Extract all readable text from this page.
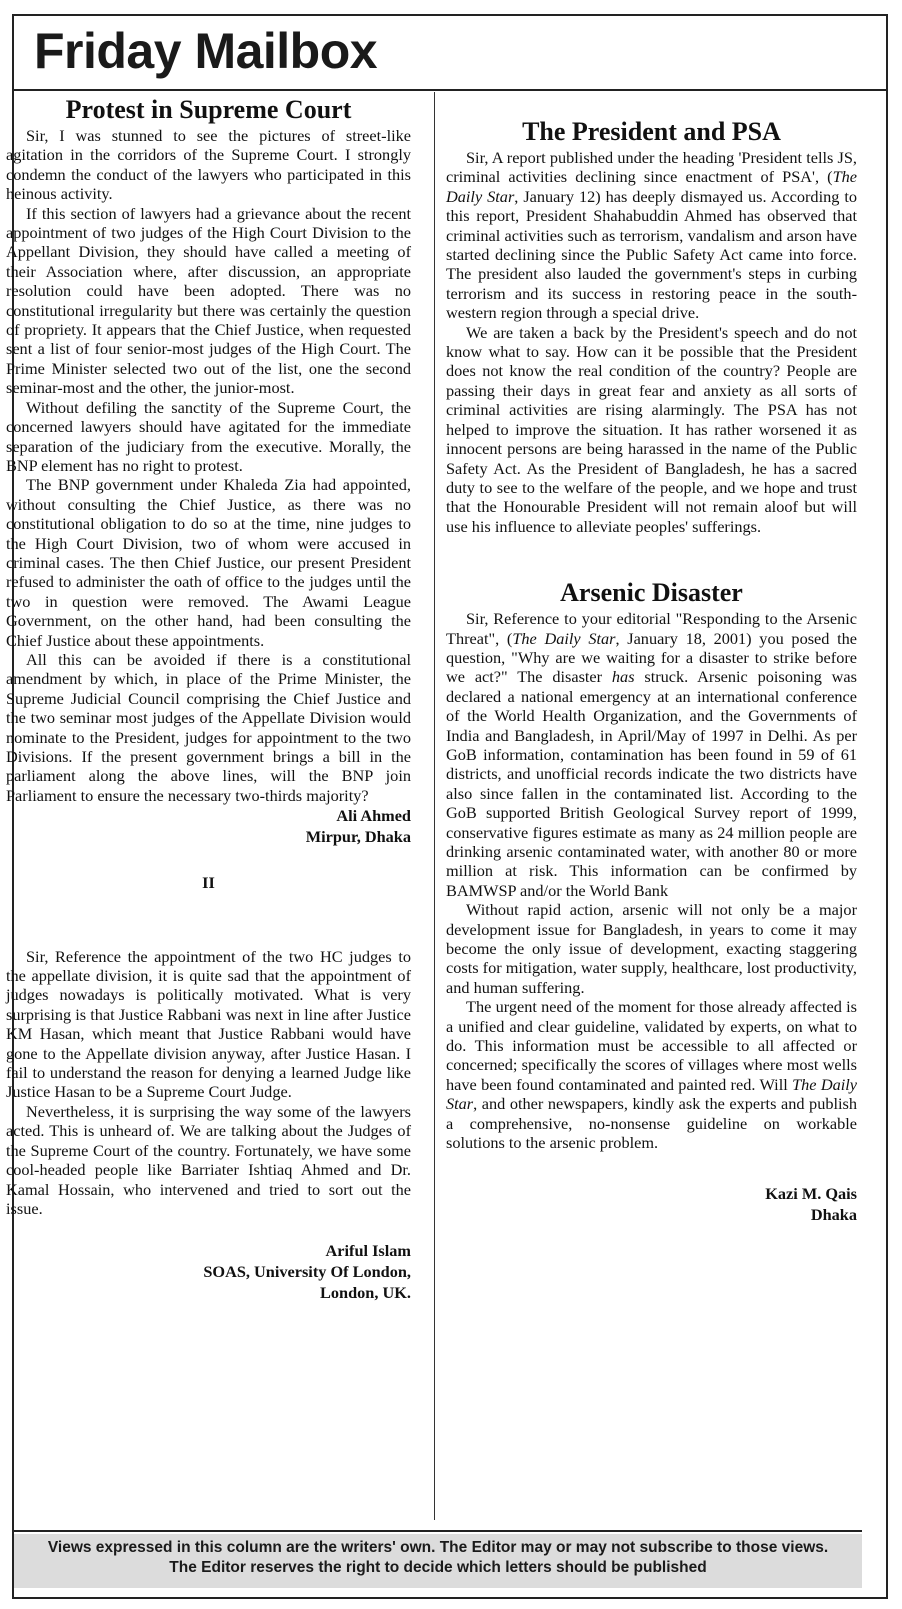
Friday Mailbox
Protest in Supreme Court

Sir, I was stunned to see the pictures of street-like agitation in the corridors of the Supreme Court. I strongly condemn the conduct of the lawyers who participated in this heinous activity.

If this section of lawyers had a grievance about the recent appointment of two judges of the High Court Division to the Appellant Division, they should have called a meeting of their Association where, after discussion, an appropriate resolution could have been adopted. There was no constitutional irregularity but there was certainly the question of propriety. It appears that the Chief Justice, when requested sent a list of four senior-most judges of the High Court. The Prime Minister selected two out of the list, one the second seminar-most and the other, the junior-most.

Without defiling the sanctity of the Supreme Court, the concerned lawyers should have agitated for the immediate separation of the judiciary from the executive. Morally, the BNP element has no right to protest.

The BNP government under Khaleda Zia had appointed, without consulting the Chief Justice, as there was no constitutional obligation to do so at the time, nine judges to the High Court Division, two of whom were accused in criminal cases. The then Chief Justice, our present President refused to administer the oath of office to the judges until the two in question were removed. The Awami League Government, on the other hand, had been consulting the Chief Justice about these appointments.

All this can be avoided if there is a constitutional amendment by which, in place of the Prime Minister, the Supreme Judicial Council comprising the Chief Justice and the two seminar most judges of the Appellate Division would nominate to the President, judges for appointment to the two Divisions. If the present government brings a bill in the parliament along the above lines, will the BNP join Parliament to ensure the necessary two-thirds majority?

Ali Ahmed
Mirpur, Dhaka
II

Sir, Reference the appointment of the two HC judges to the appellate division, it is quite sad that the appointment of judges nowadays is politically motivated. What is very surprising is that Justice Rabbani was next in line after Justice KM Hasan, which meant that Justice Rabbani would have gone to the Appellate division anyway, after Justice Hasan. I fail to understand the reason for denying a learned Judge like Justice Hasan to be a Supreme Court Judge.

Nevertheless, it is surprising the way some of the lawyers acted. This is unheard of. We are talking about the Judges of the Supreme Court of the country. Fortunately, we have some cool-headed people like Barriater Ishtiaq Ahmed and Dr. Kamal Hossain, who intervened and tried to sort out the issue.

Ariful Islam
SOAS, University Of London,
London, UK.
The President and PSA

Sir, A report published under the heading 'President tells JS, criminal activities declining since enactment of PSA', (The Daily Star, January 12) has deeply dismayed us. According to this report, President Shahabuddin Ahmed has observed that criminal activities such as terrorism, vandalism and arson have started declining since the Public Safety Act came into force. The president also lauded the government's steps in curbing terrorism and its success in restoring peace in the south-western region through a special drive.

We are taken a back by the President's speech and do not know what to say. How can it be possible that the President does not know the real condition of the country? People are passing their days in great fear and anxiety as all sorts of criminal activities are rising alarmingly. The PSA has not helped to improve the situation. It has rather worsened it as innocent persons are being harassed in the name of the Public Safety Act. As the President of Bangladesh, he has a sacred duty to see to the welfare of the people, and we hope and trust that the Honourable President will not remain aloof but will use his influence to alleviate peoples' sufferings.

Arsenic Disaster

Sir, Reference to your editorial "Responding to the Arsenic Threat", (The Daily Star, January 18, 2001) you posed the question, "Why are we waiting for a disaster to strike before we act?" The disaster has struck. Arsenic poisoning was declared a national emergency at an international conference of the World Health Organization, and the Governments of India and Bangladesh, in April/May of 1997 in Delhi. As per GoB information, contamination has been found in 59 of 61 districts, and unofficial records indicate the two districts have also since fallen in the contaminated list. According to the GoB supported British Geological Survey report of 1999, conservative figures estimate as many as 24 million people are drinking arsenic contaminated water, with another 80 or more million at risk. This information can be confirmed by BAMWSP and/or the World Bank

Without rapid action, arsenic will not only be a major development issue for Bangladesh, in years to come it may become the only issue of development, exacting staggering costs for mitigation, water supply, healthcare, lost productivity, and human suffering.

The urgent need of the moment for those already affected is a unified and clear guideline, validated by experts, on what to do. This information must be accessible to all affected or concerned; specifically the scores of villages where most wells have been found contaminated and painted red. Will The Daily Star, and other newspapers, kindly ask the experts and publish a comprehensive, no-nonsense guideline on workable solutions to the arsenic problem.

Kazi M. Qais
Dhaka
Views expressed in this column are the writers' own. The Editor may or may not subscribe to those views.
The Editor reserves the right to decide which letters should be published
